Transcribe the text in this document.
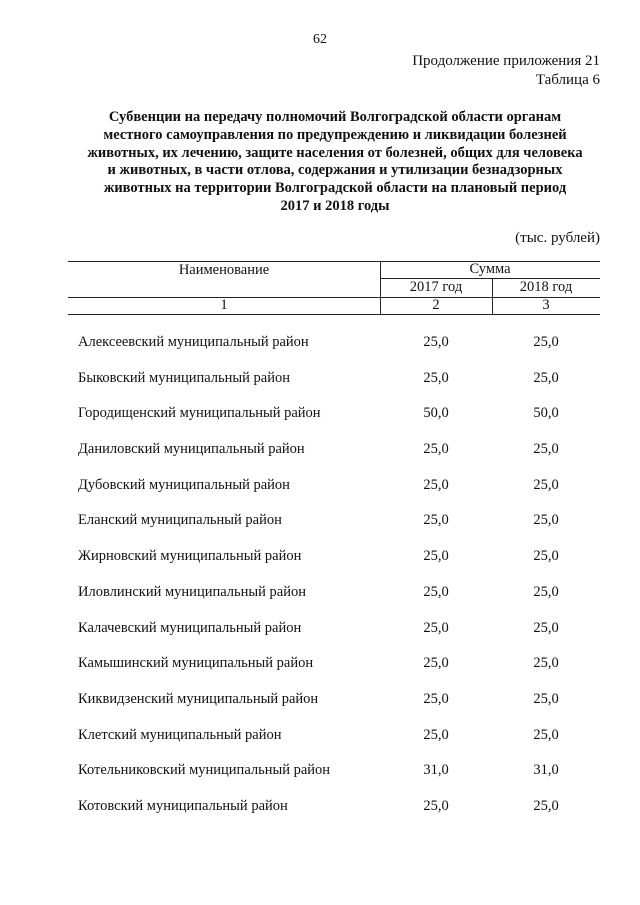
62
Продолжение приложения 21
Таблица 6
Субвенции на передачу полномочий Волгоградской области органам
местного самоуправления по предупреждению и ликвидации болезней
животных, их лечению, защите населения от болезней, общих для человека
и животных, в части отлова, содержания и утилизации безнадзорных
животных на территории Волгоградской области на плановый период
2017 и 2018 годы
(тыс. рублей)
Наименование	Сумма
2017 год	2018 год
1	2	3
Алексеевский муниципальный район	25,0	25,0
Быковский муниципальный район	25,0	25,0
Городищенский муниципальный район	50,0	50,0
Даниловский муниципальный район	25,0	25,0
Дубовский муниципальный район	25,0	25,0
Еланский муниципальный район	25,0	25,0
Жирновский муниципальный район	25,0	25,0
Иловлинский муниципальный район	25,0	25,0
Калачевский муниципальный район	25,0	25,0
Камышинский муниципальный район	25,0	25,0
Киквидзенский муниципальный район	25,0	25,0
Клетский муниципальный район	25,0	25,0
Котельниковский муниципальный район	31,0	31,0
Котовский муниципальный район	25,0	25,0
